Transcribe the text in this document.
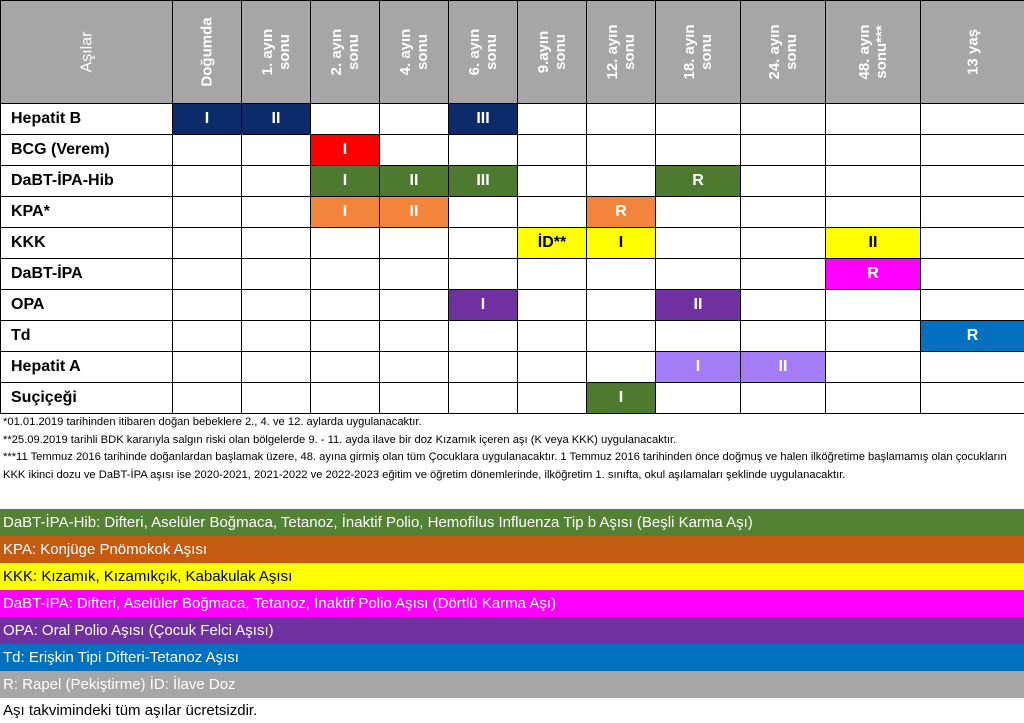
Aşılar	Doğumda	1. ayın sonu	2. ayın sonu	4. ayın sonu	6. ayın sonu	9.ayın sonu	12. ayın sonu	18. ayın sonu	24. ayın sonu	48. ayın sonu***	13 yaş

Hepatit B	I	II			III						
BCG (Verem)			I								
DaBT-İPA-Hib			I	II	III			R			
KPA*			I	II			R				
KKK						İD**	I			II	
DaBT-İPA										R	
OPA					I			II			
Td											R
Hepatit A								I	II		
Suçiçeği							I				
*01.01.2019 tarihinden itibaren doğan bebeklere 2., 4. ve 12. aylarda uygulanacaktır.
**25.09.2019 tarihli BDK kararıyla salgın riski olan bölgelerde 9. - 11. ayda ilave bir doz Kızamık içeren aşı (K veya KKK) uygulanacaktır.
***11 Temmuz 2016 tarihinde doğanlardan başlamak üzere, 48. ayına girmiş olan tüm Çocuklara uygulanacaktır. 1 Temmuz 2016 tarihinden önce doğmuş ve halen ilköğretime başlamamış olan çocukların KKK ikinci dozu ve DaBT-İPA aşısı ise 2020-2021, 2021-2022 ve 2022-2023 eğitim ve öğretim dönemlerinde, ilköğretim 1. sınıfta, okul aşılamaları şeklinde uygulanacaktır.
DaBT-İPA-Hib: Difteri, Aselüler Boğmaca, Tetanoz, İnaktif Polio, Hemofilus Influenza Tip b Aşısı (Beşli Karma Aşı)
KPA: Konjüge Pnömokok Aşısı
KKK: Kızamık, Kızamıkçık, Kabakulak Aşısı
DaBT-İPA: Difteri, Aselüler Boğmaca, Tetanoz, İnaktif Polio Aşısı (Dörtlü Karma Aşı)
OPA: Oral Polio Aşısı (Çocuk Felci Aşısı)
Td: Erişkin Tipi Difteri-Tetanoz Aşısı
R: Rapel (Pekiştirme) İD: İlave Doz
Aşı takvimindeki tüm aşılar ücretsizdir.
